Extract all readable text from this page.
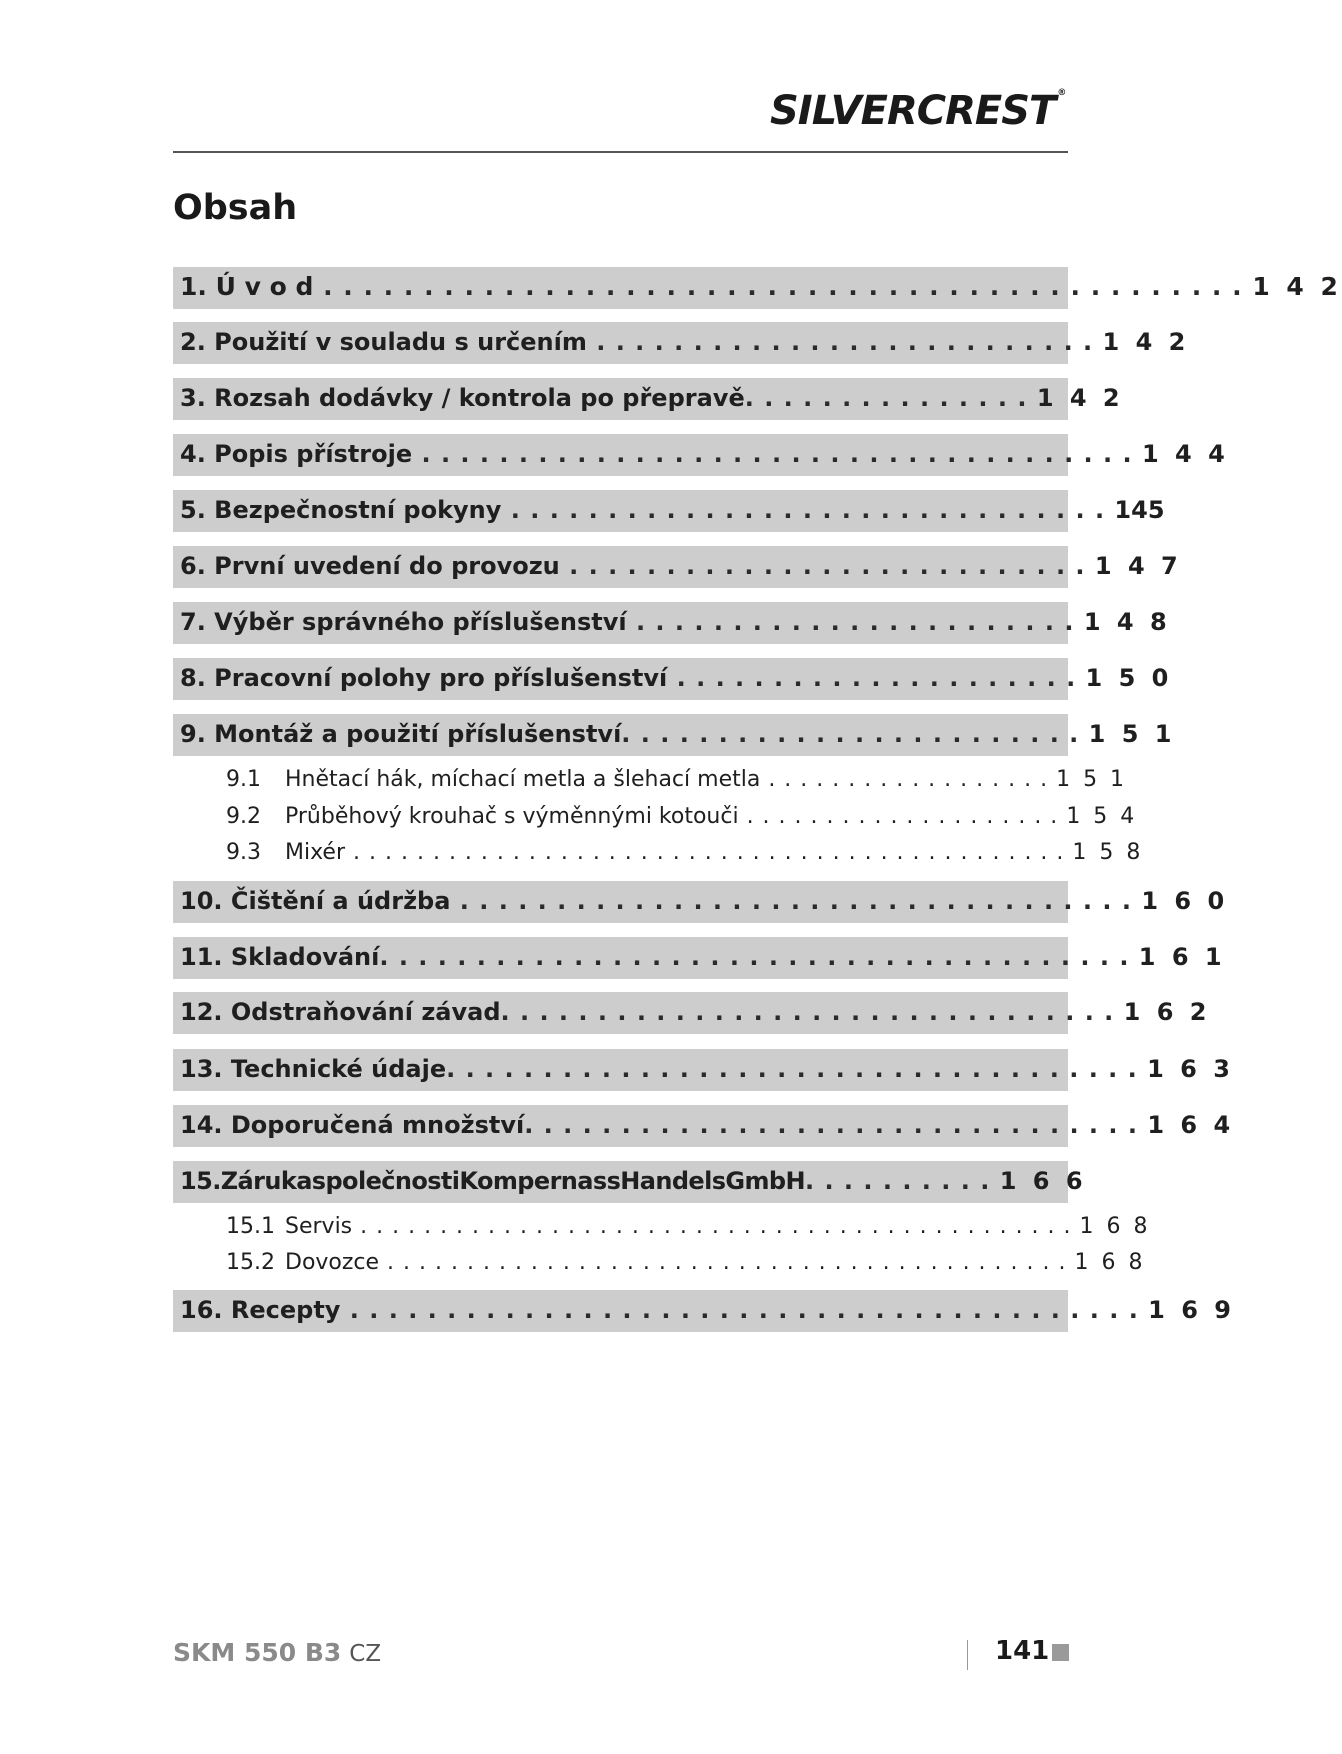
SILVERCREST ®
Obsah
1. Ú v o d . . . . . . . . . . . . . . . . . . . . . . . . . . . . . . . . . . . . . . . . . . . . . . 1 4 2
2. Použití v souladu s určením . . . . . . . . . . . . . . . . . . . . . . . . . . 1 4 2
3. Rozsah dodávky / kontrola po přepravě. . . . . . . . . . . . . . . 1 4 2
4. Popis přístroje . . . . . . . . . . . . . . . . . . . . . . . . . . . . . . . . . . . . . 1 4 4
5. Bezpečnostní pokyny . . . . . . . . . . . . . . . . . . . . . . . . . . . . . . . 145
6. První uvedení do provozu . . . . . . . . . . . . . . . . . . . . . . . . . . . 1 4 7
7. Výběr správného příslušenství . . . . . . . . . . . . . . . . . . . . . . . 1 4 8
8. Pracovní polohy pro příslušenství . . . . . . . . . . . . . . . . . . . . . 1 5 0
9. Montáž a použití příslušenství. . . . . . . . . . . . . . . . . . . . . . . . 1 5 1
9.1 Hnětací hák, míchací metla a šlehací metla . . . . . . . . . . . . . . . . . . 1 5 1
9.2 Průběhový krouhač s výměnnými kotouči . . . . . . . . . . . . . . . . . . . . 1 5 4
9.3 Mixér . . . . . . . . . . . . . . . . . . . . . . . . . . . . . . . . . . . . . . . . . . . . . 1 5 8
10. Čištění a údržba . . . . . . . . . . . . . . . . . . . . . . . . . . . . . . . . . . . 1 6 0
11. Skladování. . . . . . . . . . . . . . . . . . . . . . . . . . . . . . . . . . . . . . . 1 6 1
12. Odstraňování závad. . . . . . . . . . . . . . . . . . . . . . . . . . . . . . . . 1 6 2
13. Technické údaje. . . . . . . . . . . . . . . . . . . . . . . . . . . . . . . . . . . . 1 6 3
14. Doporučená množství. . . . . . . . . . . . . . . . . . . . . . . . . . . . . . . . 1 6 4
15.ZárukaspolečnostiKompernassHandelsGmbH. . . . . . . . . . 1 6 6
15.1 Servis . . . . . . . . . . . . . . . . . . . . . . . . . . . . . . . . . . . . . . . . . . . . . 1 6 8
15.2 Dovozce . . . . . . . . . . . . . . . . . . . . . . . . . . . . . . . . . . . . . . . . . . . 1 6 8
16. Recepty . . . . . . . . . . . . . . . . . . . . . . . . . . . . . . . . . . . . . . . . . 1 6 9
SKM 550 B3 CZ	141
